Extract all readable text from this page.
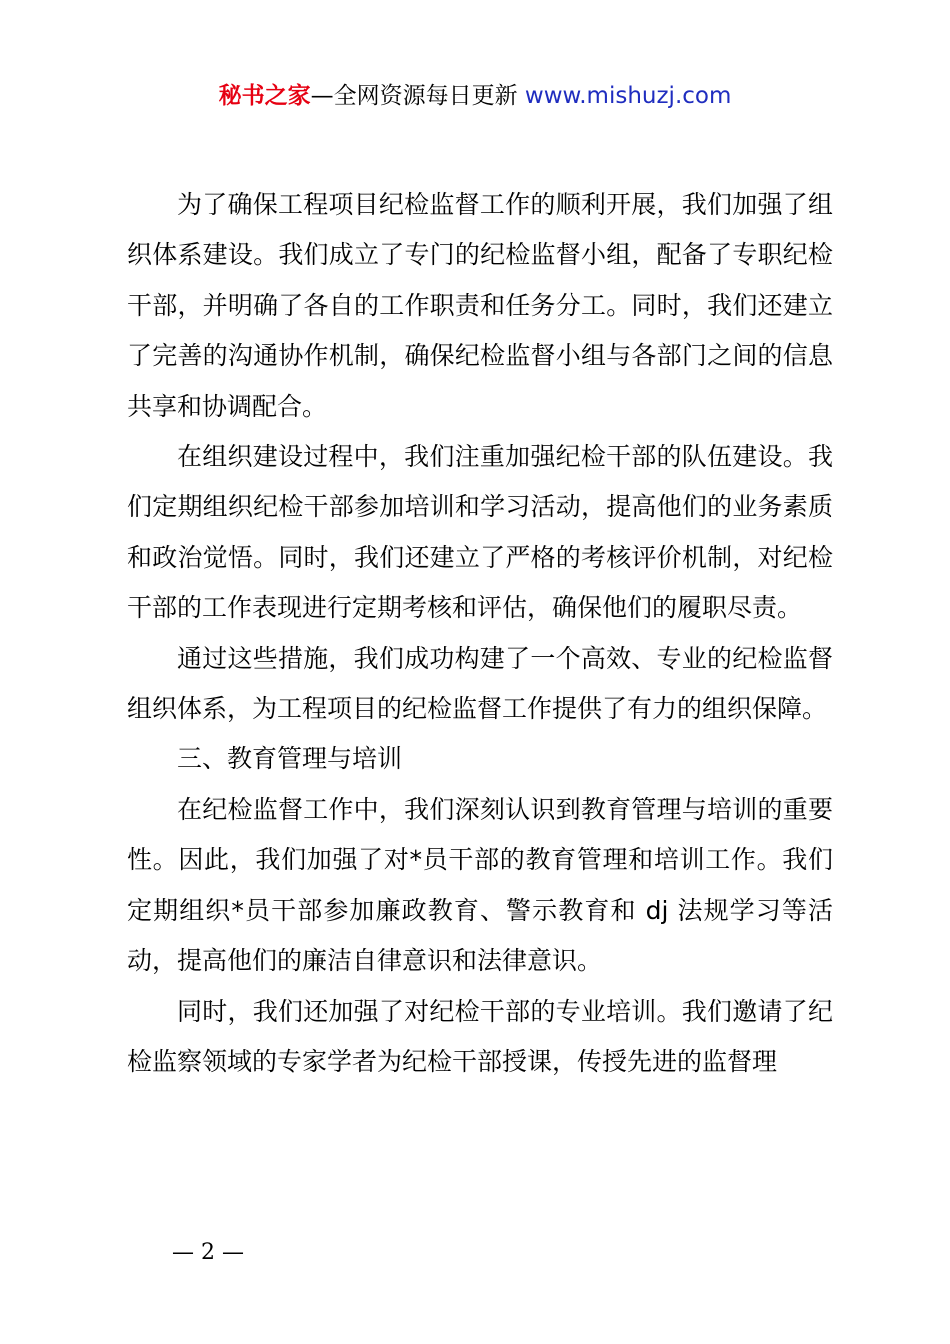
秘书之家—全网资源每日更新 www.mishuzj.com

为了确保工程项目纪检监督工作的顺利开展，我们加强了组织体系建设。我们成立了专门的纪检监督小组，配备了专职纪检干部，并明确了各自的工作职责和任务分工。同时，我们还建立了完善的沟通协作机制，确保纪检监督小组与各部门之间的信息共享和协调配合。

在组织建设过程中，我们注重加强纪检干部的队伍建设。我们定期组织纪检干部参加培训和学习活动，提高他们的业务素质和政治觉悟。同时，我们还建立了严格的考核评价机制，对纪检干部的工作表现进行定期考核和评估，确保他们的履职尽责。

通过这些措施，我们成功构建了一个高效、专业的纪检监督组织体系，为工程项目的纪检监督工作提供了有力的组织保障。

三、教育管理与培训

在纪检监督工作中，我们深刻认识到教育管理与培训的重要性。因此，我们加强了对*员干部的教育管理和培训工作。我们定期组织*员干部参加廉政教育、警示教育和 dj 法规学习等活动，提高他们的廉洁自律意识和法律意识。

同时，我们还加强了对纪检干部的专业培训。我们邀请了纪检监察领域的专家学者为纪检干部授课，传授先进的监督理

— 2 —
